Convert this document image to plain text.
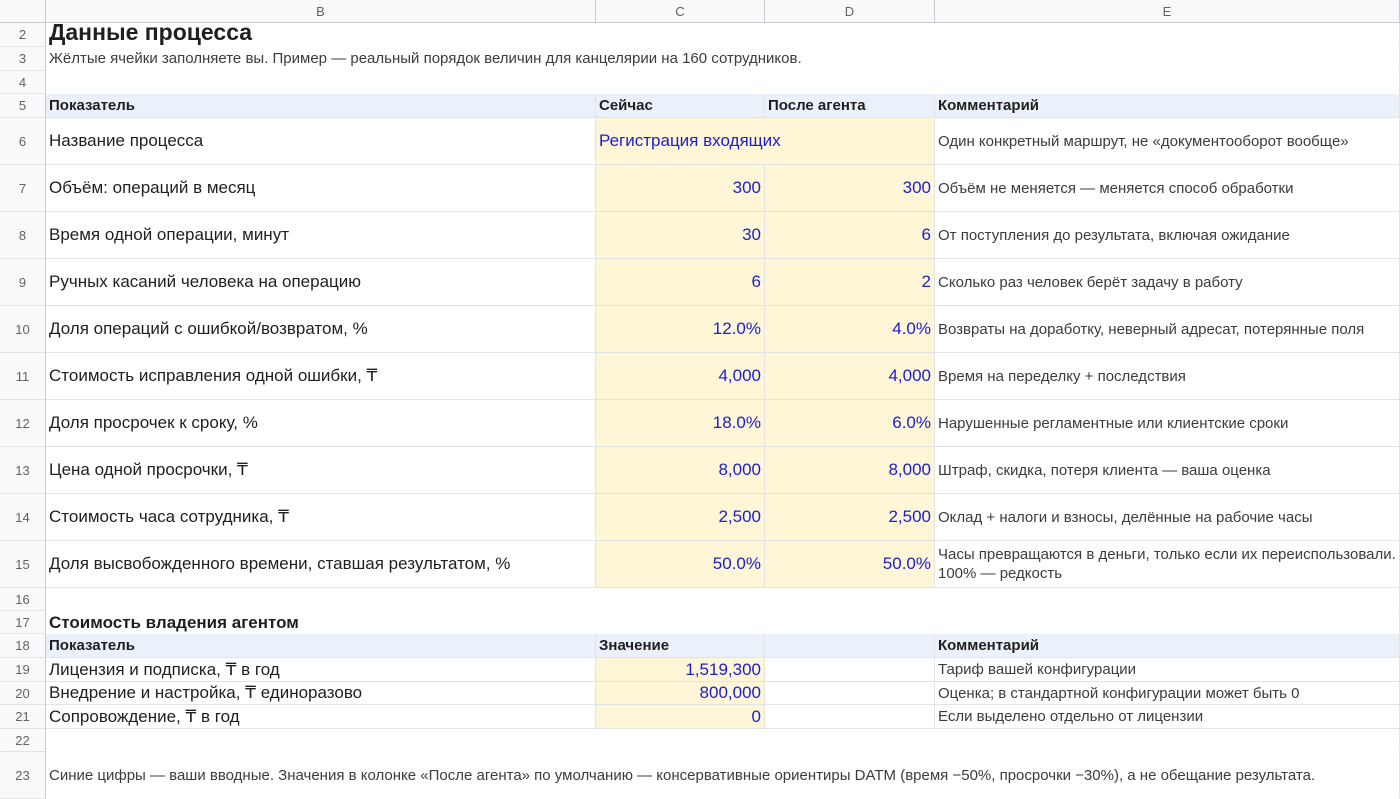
B	C	D	E
2 Данные процесса
3	Жёлтые ячейки заполняете вы. Пример — реальный порядок величин для канцелярии на 160 сотрудников.
4
5	Показатель	Сейчас	После агента	Комментарий
6	Название процесса	Регистрация входящих	Один конкретный маршрут, не «документооборот вообще»
7	Объём: операций в месяц	300	300 Объём не меняется — меняется способ обработки
8	Время одной операции, минут	30	6 От поступления до результата, включая ожидание
9	Ручных касаний человека на операцию	6	2 Сколько раз человек берёт задачу в работу
10	Доля операций с ошибкой/возвратом, %	12.0%	4.0% Возвраты на доработку, неверный адресат, потерянные поля
11	Стоимость исправления одной ошибки, ₸	4,000	4,000 Время на переделку + последствия
12	Доля просрочек к сроку, %	18.0%	6.0% Нарушенные регламентные или клиентские сроки
13	Цена одной просрочки, ₸	8,000	8,000 Штраф, скидка, потеря клиента — ваша оценка
14	Стоимость часа сотрудника, ₸	2,500	2,500 Оклад + налоги и взносы, делённые на рабочие часы
15	Доля высвобожденного времени, ставшая результатом, %	50.0%	50.0% Часы превращаются в деньги, только если их переиспользовали. 100% — редкость
16
17	Стоимость владения агентом
18	Показатель	Значение	Комментарий
19	Лицензия и подписка, ₸ в год	1,519,300	Тариф вашей конфигурации
20	Внедрение и настройка, ₸ единоразово	800,000	Оценка; в стандартной конфигурации может быть 0
21	Сопровождение, ₸ в год	0	Если выделено отдельно от лицензии
22
23	Синие цифры — ваши вводные. Значения в колонке «После агента» по умолчанию — консервативные ориентиры DATM (время −50%, просрочки −30%), а не обещание результата.
